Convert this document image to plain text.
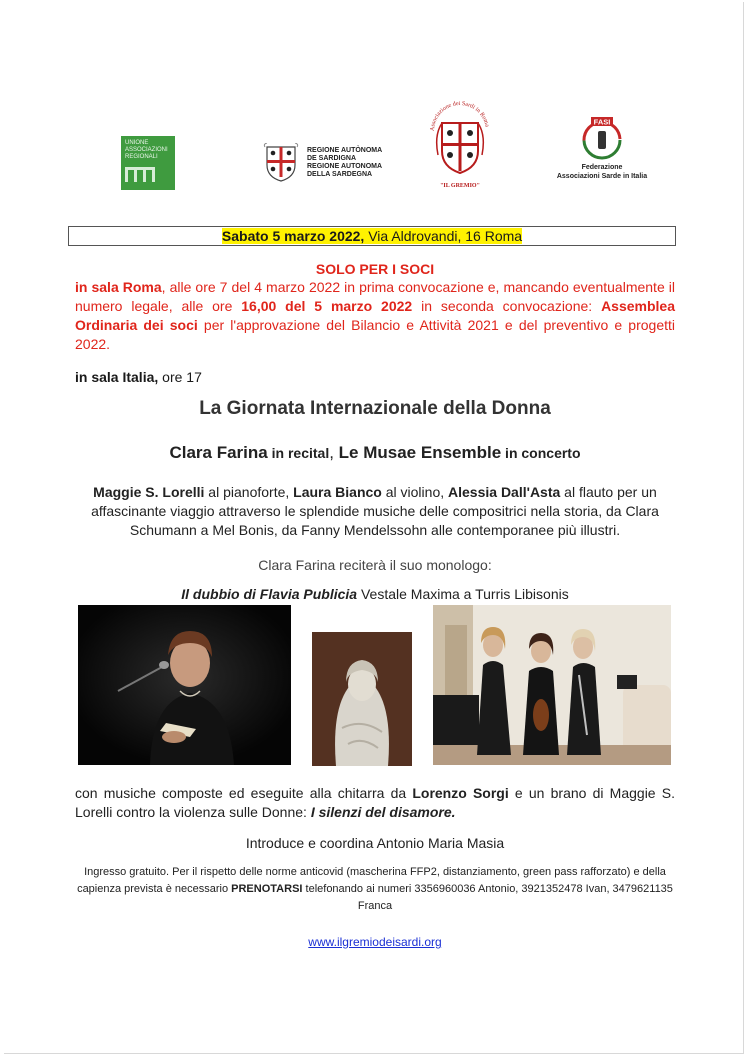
UNIONE ASSOCIAZIONI REGIONALI
REGIONE AUTÒNOMA DE SARDIGNA
REGIONE AUTONOMA DELLA SARDEGNA
Associazione dei Sardi in Roma
"IL GREMIO"
FASI
Federazione
Associazioni Sarde in Italia
Sabato 5 marzo 2022, Via Aldrovandi, 16 Roma
SOLO PER I SOCI
in sala Roma, alle ore 7 del 4 marzo 2022 in prima convocazione e, mancando eventualmente il numero legale, alle ore 16,00 del 5 marzo 2022 in seconda convocazione: Assemblea Ordinaria dei soci per l'approvazione del Bilancio e Attività 2021 e del preventivo e progetti 2022.
in sala Italia, ore 17
La Giornata Internazionale della Donna
Clara Farina in recital, Le Musae Ensemble in concerto
Maggie S. Lorelli al pianoforte, Laura Bianco al violino, Alessia Dall'Asta al flauto per un affascinante viaggio attraverso le splendide musiche delle compositrici nella storia, da Clara Schumann a Mel Bonis, da Fanny Mendelssohn alle contemporanee più illustri.
Clara Farina reciterà il suo monologo:
Il dubbio di Flavia Publicia Vestale Maxima a Turris Libisonis
con musiche composte ed eseguite alla chitarra da Lorenzo Sorgi e un brano di Maggie S. Lorelli contro la violenza sulle Donne: I silenzi del disamore.
Introduce e coordina Antonio Maria Masia
Ingresso gratuito. Per il rispetto delle norme anticovid (mascherina FFP2, distanziamento, green pass rafforzato) e della capienza prevista è necessario PRENOTARSI telefonando ai numeri 3356960036 Antonio, 3921352478 Ivan, 3479621135 Franca
www.ilgremiodeisardi.org
